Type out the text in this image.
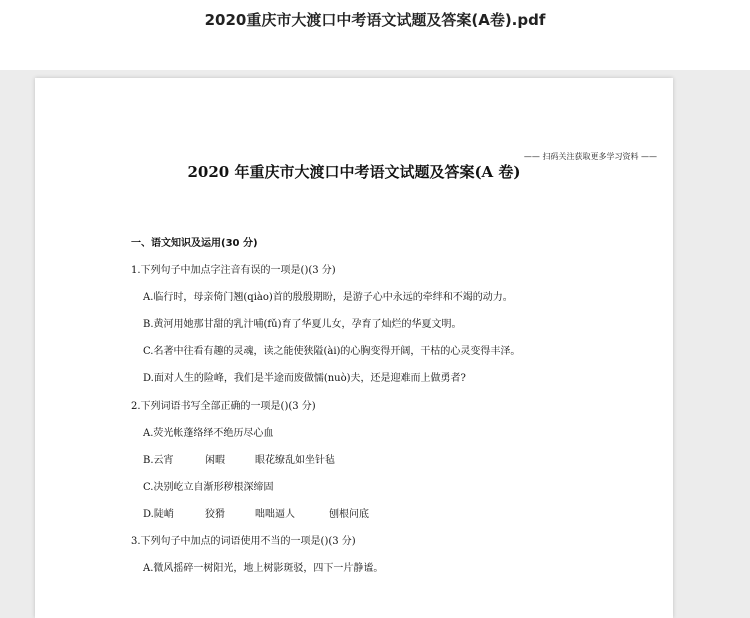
2020重庆市大渡口中考语文试题及答案(A卷).pdf
—— 扫码关注获取更多学习资料 ——
2020 年重庆市大渡口中考语文试题及答案(A 卷)
一、语文知识及运用(30 分)
1.下列句子中加点字注音有误的一项是()(3 分)
A.临行时，母亲倚门翘(qiào)首的殷殷期盼，是游子心中永远的牵绊和不竭的动力。
B.黄河用她那甘甜的乳汁哺(fǔ)育了华夏儿女，孕育了灿烂的华夏文明。
C.名著中往看有趣的灵魂，读之能使狭隘(ài)的心胸变得开阔，干枯的心灵变得丰泽。
D.面对人生的险峰，我们是半途而废做懦(nuò)夫，还是迎难而上做勇者?
2.下列词语书写全部正确的一项是()(3 分)
A.荧光帐蓬络绎不绝历尽心血
B.云宵	闲暇	眼花缭乱如坐针毡
C.决别屹立自渐形秽根深缔固
D.陡峭	狡猾	咄咄逼人	刨根问底
3.下列句子中加点的词语使用不当的一项是()(3 分)
A.微风摇碎一树阳光，地上树影斑驳，四下一片静谧。
